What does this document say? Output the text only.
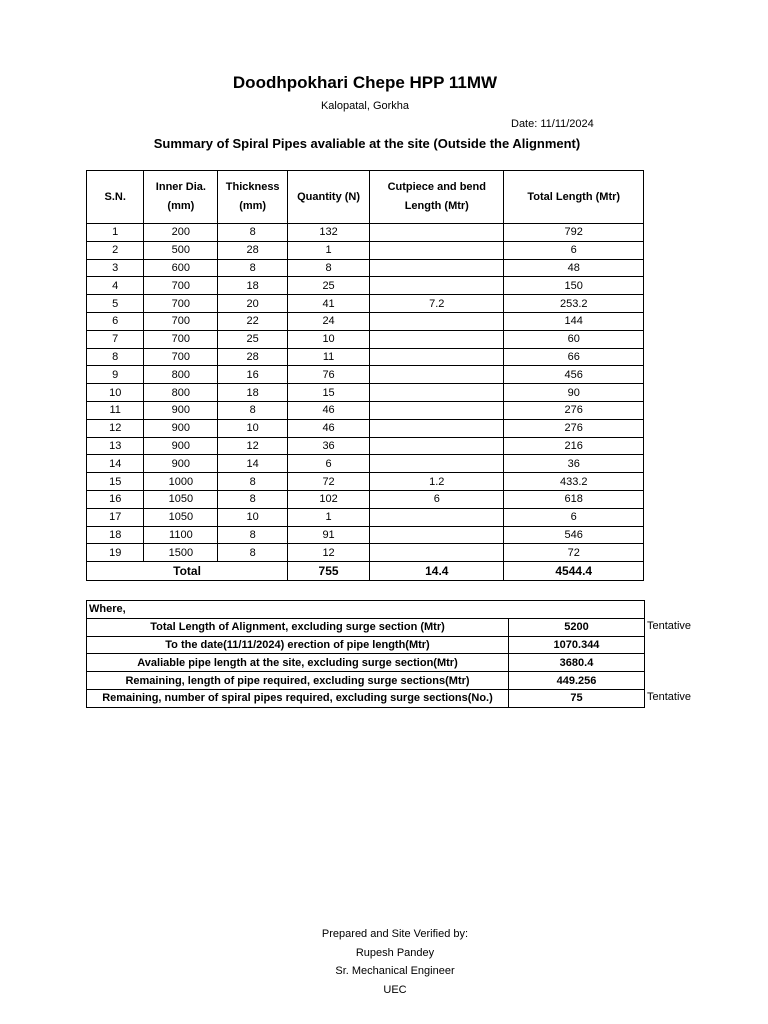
Doodhpokhari Chepe HPP 11MW
Kalopatal, Gorkha
Date: 11/11/2024
Summary of Spiral Pipes avaliable at the site (Outside the Alignment)
S.N.	Inner Dia. (mm)	Thickness (mm)	Quantity (N)	Cutpiece and bend Length (Mtr)	Total Length (Mtr)
1	200	8	132		792
2	500	28	1		6
3	600	8	8		48
4	700	18	25		150
5	700	20	41	7.2	253.2
6	700	22	24		144
7	700	25	10		60
8	700	28	11		66
9	800	16	76		456
10	800	18	15		90
11	900	8	46		276
12	900	10	46		276
13	900	12	36		216
14	900	14	6		36
15	1000	8	72	1.2	433.2
16	1050	8	102	6	618
17	1050	10	1		6
18	1100	8	91		546
19	1500	8	12		72
Total			755	14.4	4544.4
Where,	
Total Length of Alignment, excluding surge section (Mtr)	5200
To the date(11/11/2024) erection of pipe length(Mtr)	1070.344
Avaliable pipe length at the site, excluding surge section(Mtr)	3680.4
Remaining, length of pipe required, excluding surge sections(Mtr)	449.256
Remaining, number of spiral pipes required, excluding surge sections(No.)	75
Tentative
Tentative
Prepared and Site Verified by:
Rupesh Pandey
Sr. Mechanical Engineer
UEC
